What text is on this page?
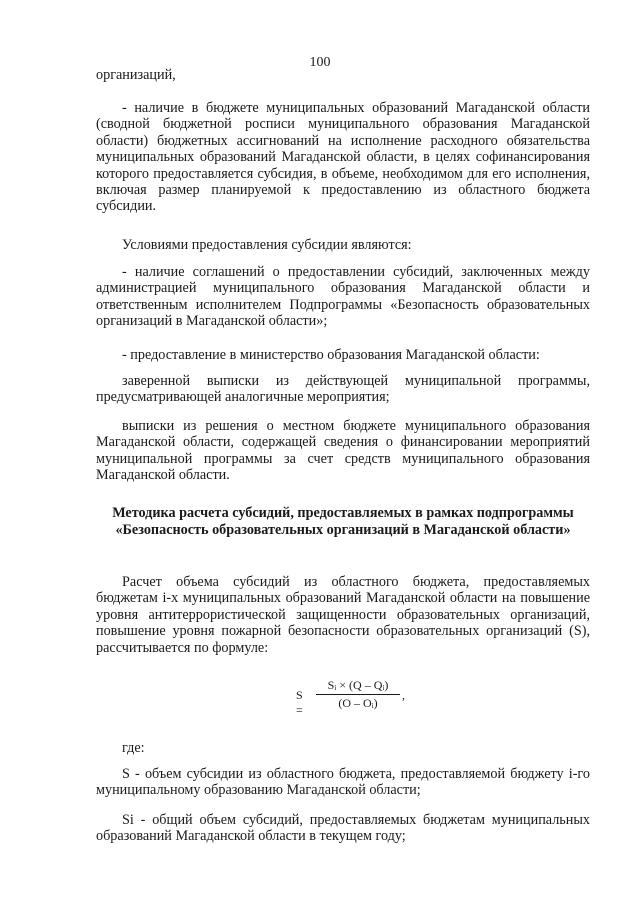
100
организаций,
- наличие в бюджете муниципальных образований Магаданской области (сводной бюджетной росписи муниципального образования Магаданской области) бюджетных ассигнований на исполнение расходного обязательства муниципальных образований Магаданской области, в целях софинансирования которого предоставляется субсидия, в объеме, необходимом для его исполнения, включая размер планируемой к предоставлению из областного бюджета субсидии.
Условиями предоставления субсидии являются:
- наличие соглашений о предоставлении субсидий, заключенных между администрацией муниципального образования Магаданской области и ответственным исполнителем Подпрограммы «Безопасность образовательных организаций в Магаданской области»;
- предоставление в министерство образования Магаданской области:
заверенной выписки из действующей муниципальной программы, предусматривающей аналогичные мероприятия;
выписки из решения о местном бюджете муниципального образования Магаданской области, содержащей сведения о финансировании мероприятий муниципальной программы за счет средств муниципального образования Магаданской области.
Методика расчета субсидий, предоставляемых в рамках подпрограммы «Безопасность образовательных организаций в Магаданской области»
Расчет объема субсидий из областного бюджета, предоставляемых бюджетам i-х муниципальных образований Магаданской области на повышение уровня антитеррористической защищенности образовательных организаций, повышение уровня пожарной безопасности образовательных организаций (S), рассчитывается по формуле:
$S = \frac{\text{Sᵢ × (Q – Qᵢ)}}{\text{(O – Oᵢ)}}$ ,
где:
S - объем субсидии из областного бюджета, предоставляемой бюджету i-го муниципальному образованию Магаданской области;
Si - общий объем субсидий, предоставляемых бюджетам муниципальных образований Магаданской области в текущем году;
